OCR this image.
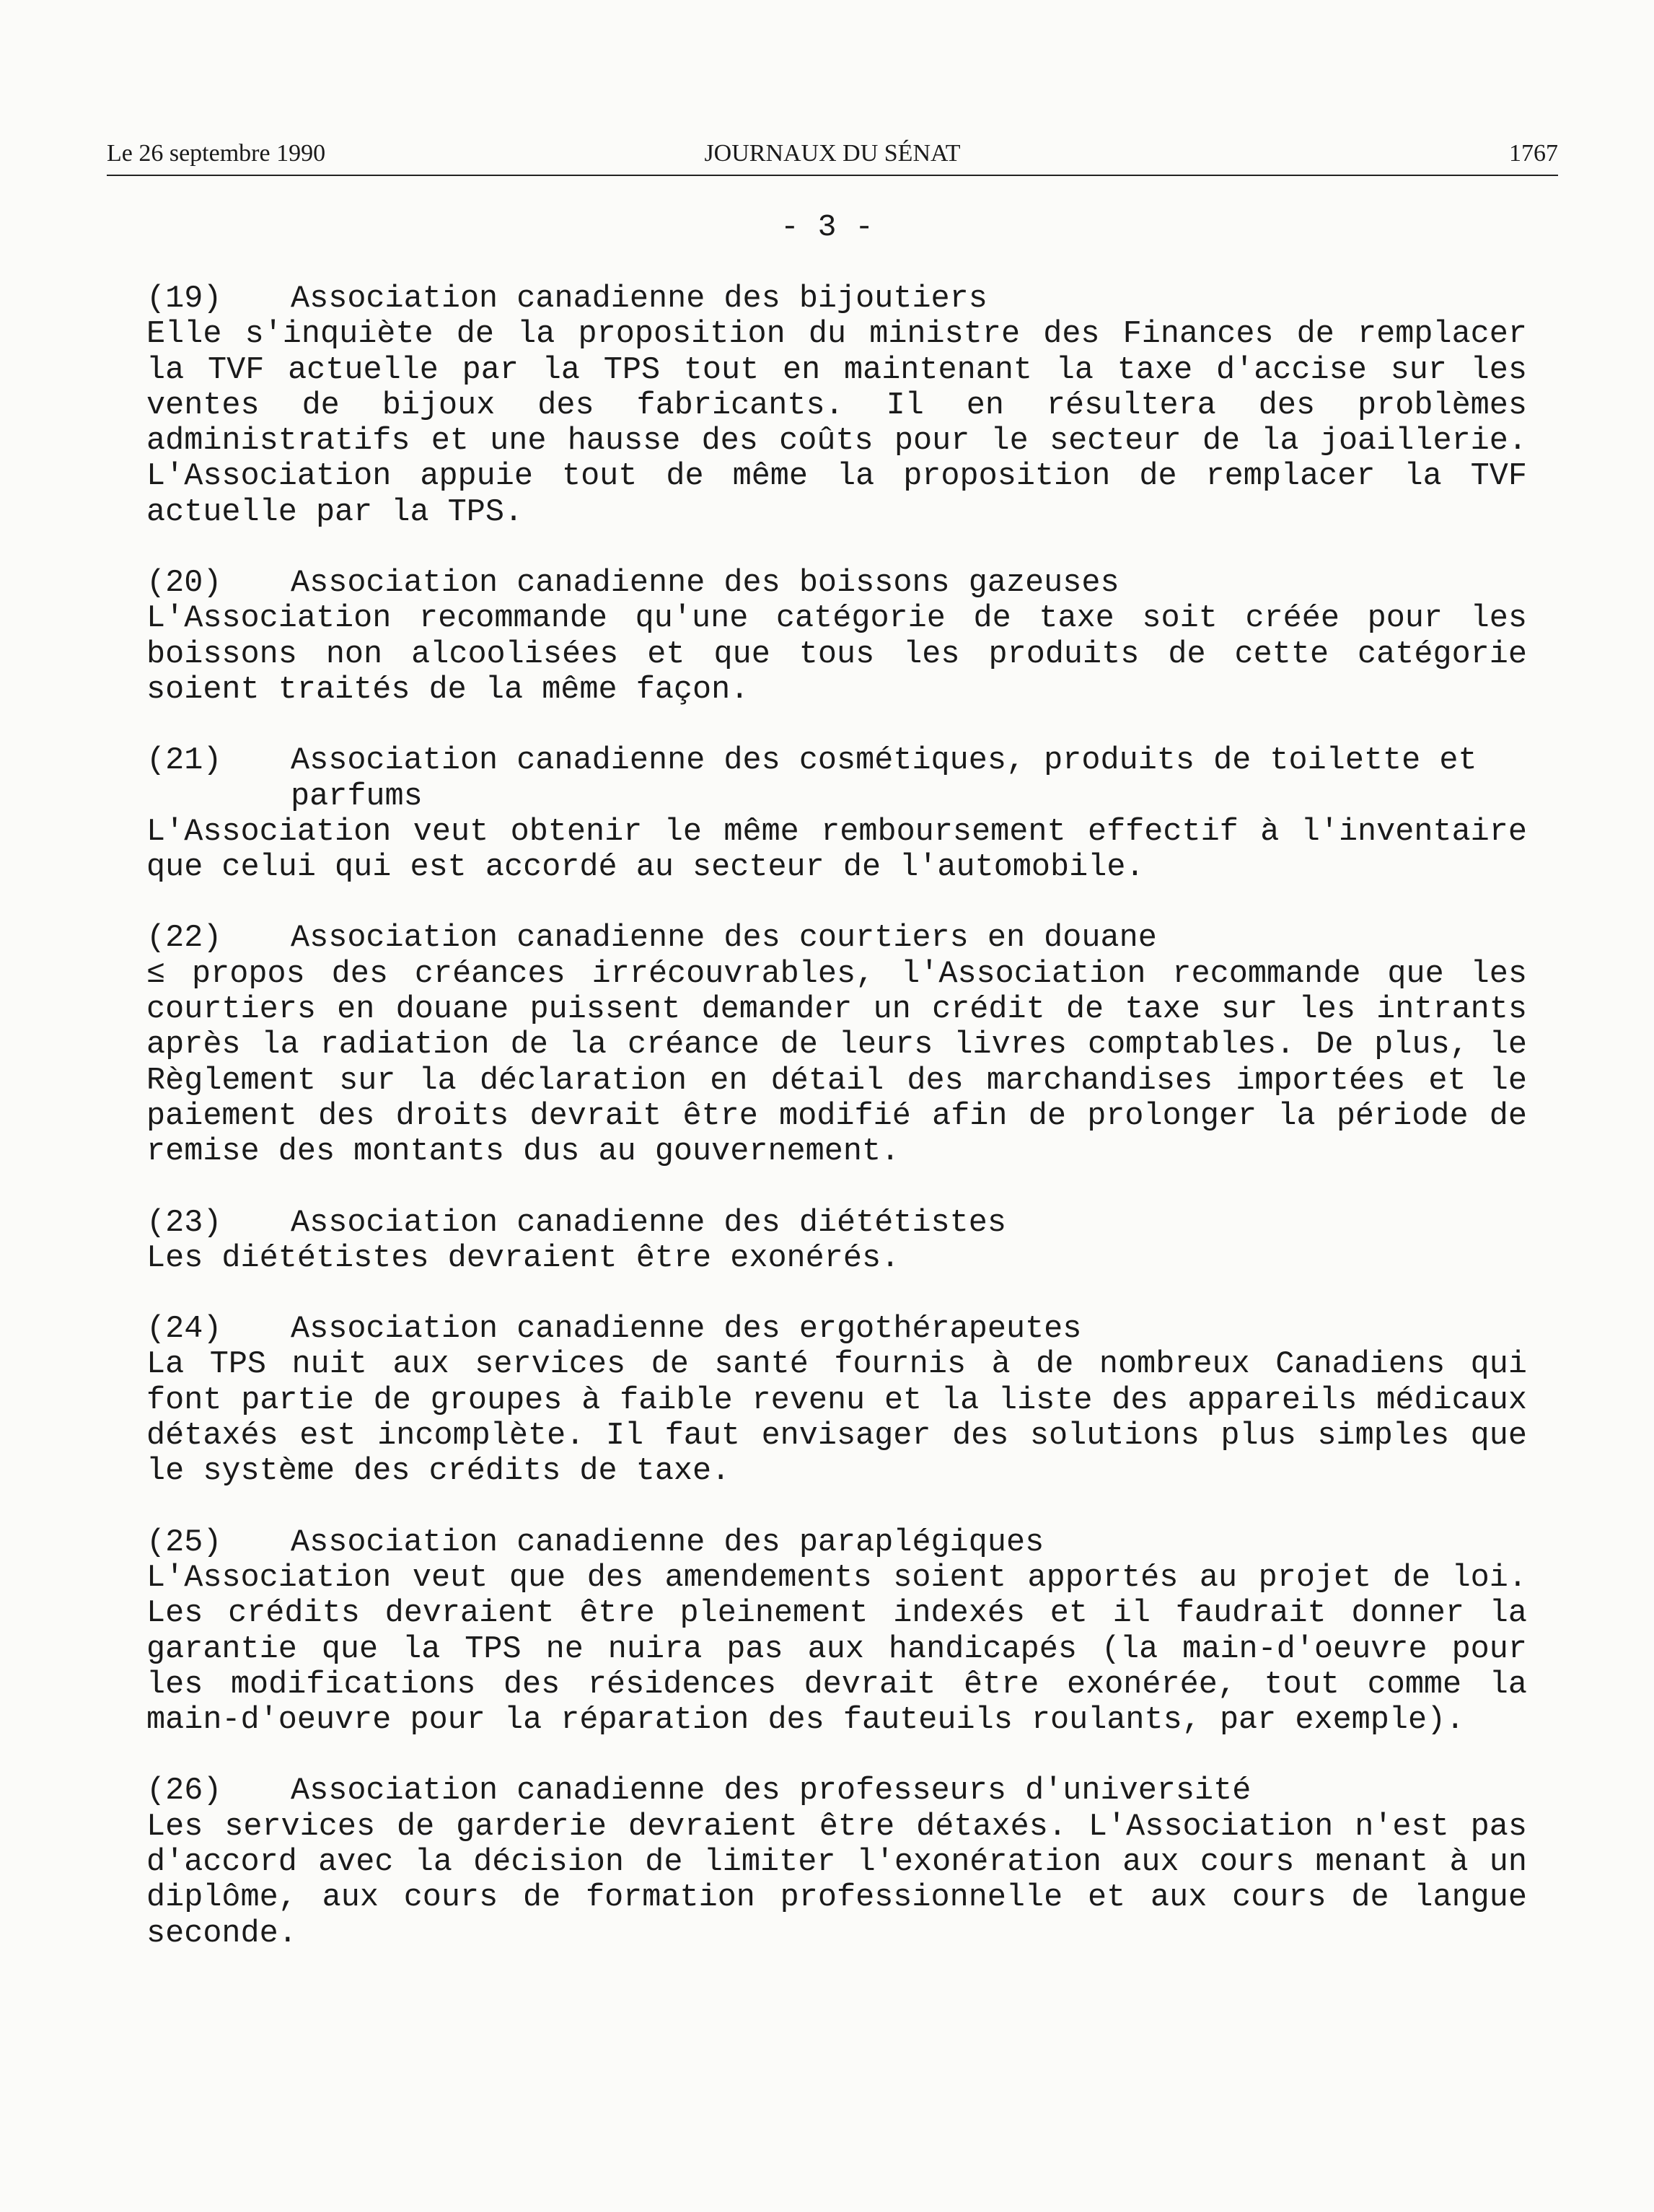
Le 26 septembre 1990	JOURNAUX DU SÉNAT	1767
- 3 -
(19)	Association canadienne des bijoutiers
Elle s'inquiète de la proposition du ministre des Finances de remplacer la TVF actuelle par la TPS tout en maintenant la taxe d'accise sur les ventes de bijoux des fabricants. Il en résultera des problèmes administratifs et une hausse des coûts pour le secteur de la joaillerie. L'Association appuie tout de même la proposition de remplacer la TVF actuelle par la TPS.
(20)	Association canadienne des boissons gazeuses
L'Association recommande qu'une catégorie de taxe soit créée pour les boissons non alcoolisées et que tous les produits de cette catégorie soient traités de la même façon.
(21)	Association canadienne des cosmétiques, produits de toilette et parfums
L'Association veut obtenir le même remboursement effectif à l'inventaire que celui qui est accordé au secteur de l'automobile.
(22)	Association canadienne des courtiers en douane
≤ propos des créances irrécouvrables, l'Association recommande que les courtiers en douane puissent demander un crédit de taxe sur les intrants après la radiation de la créance de leurs livres comptables. De plus, le Règlement sur la déclaration en détail des marchandises importées et le paiement des droits devrait être modifié afin de prolonger la période de remise des montants dus au gouvernement.
(23)	Association canadienne des diététistes
Les diététistes devraient être exonérés.
(24)	Association canadienne des ergothérapeutes
La TPS nuit aux services de santé fournis à de nombreux Canadiens qui font partie de groupes à faible revenu et la liste des appareils médicaux détaxés est incomplète. Il faut envisager des solutions plus simples que le système des crédits de taxe.
(25)	Association canadienne des paraplégiques
L'Association veut que des amendements soient apportés au projet de loi. Les crédits devraient être pleinement indexés et il faudrait donner la garantie que la TPS ne nuira pas aux handicapés (la main-d'oeuvre pour les modifications des résidences devrait être exonérée, tout comme la main-d'oeuvre pour la réparation des fauteuils roulants, par exemple).
(26)	Association canadienne des professeurs d'université
Les services de garderie devraient être détaxés. L'Association n'est pas d'accord avec la décision de limiter l'exonération aux cours menant à un diplôme, aux cours de formation professionnelle et aux cours de langue seconde.
